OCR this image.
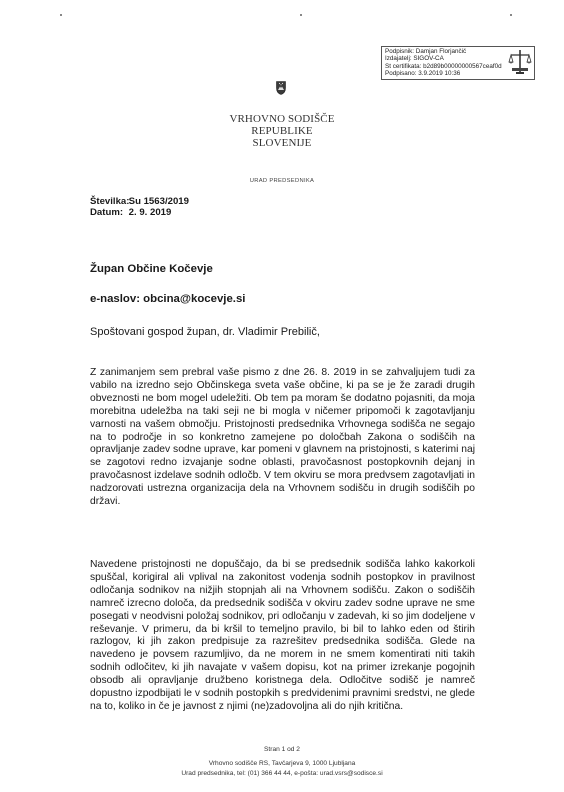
Podpisnik: Damjan Florjančič
Izdajatelj: SIGOV-CA
Št certifikata: b2d89b00000000567ceaf0d
Podpisano: 3.9.2019 10:36
VRHOVNO SODIŠČE
REPUBLIKE SLOVENIJE
URAD PREDSEDNIKA
Številka: Su 1563/2019
Datum: 2. 9. 2019
Župan Občine Kočevje
e-naslov: obcina@kocevje.si
Spoštovani gospod župan, dr. Vladimir Prebilič,
Z zanimanjem sem prebral vaše pismo z dne 26. 8. 2019 in se zahvaljujem tudi za vabilo na izredno sejo Občinskega sveta vaše občine, ki pa se je že zaradi drugih obveznosti ne bom mogel udeležiti. Ob tem pa moram še dodatno pojasniti, da moja morebitna udeležba na taki seji ne bi mogla v ničemer pripomoči k zagotavljanju varnosti na vašem območju. Pristojnosti predsednika Vrhovnega sodišča ne segajo na to področje in so konkretno zamejene po določbah Zakona o sodiščih na opravljanje zadev sodne uprave, kar pomeni v glavnem na pristojnosti, s katerimi naj se zagotovi redno izvajanje sodne oblasti, pravočasnost postopkovnih dejanj in pravočasnost izdelave sodnih odločb. V tem okviru se mora predvsem zagotavljati in nadzorovati ustrezna organizacija dela na Vrhovnem sodišču in drugih sodiščih po državi.
Navedene pristojnosti ne dopuščajo, da bi se predsednik sodišča lahko kakorkoli spuščal, korigiral ali vplival na zakonitost vodenja sodnih postopkov in pravilnost odločanja sodnikov na nižjih stopnjah ali na Vrhovnem sodišču. Zakon o sodiščih namreč izrecno določa, da predsednik sodišča v okviru zadev sodne uprave ne sme posegati v neodvisni položaj sodnikov, pri odločanju v zadevah, ki so jim dodeljene v reševanje. V primeru, da bi kršil to temeljno pravilo, bi bil to lahko eden od štirih razlogov, ki jih zakon predpisuje za razrešitev predsednika sodišča. Glede na navedeno je povsem razumljivo, da ne morem in ne smem komentirati niti takih sodnih odločitev, ki jih navajate v vašem dopisu, kot na primer izrekanje pogojnih obsodb ali opravljanje družbeno koristnega dela. Odločitve sodišč je namreč dopustno izpodbijati le v sodnih postopkih s predvidenimi pravnimi sredstvi, ne glede na to, koliko in če je javnost z njimi (ne)zadovoljna ali do njih kritična.
Stran 1 od 2
Vrhovno sodišče RS, Tavčarjeva 9, 1000 Ljubljana
Urad predsednika, tel: (01) 366 44 44, e-pošta: urad.vsrs@sodisce.si
